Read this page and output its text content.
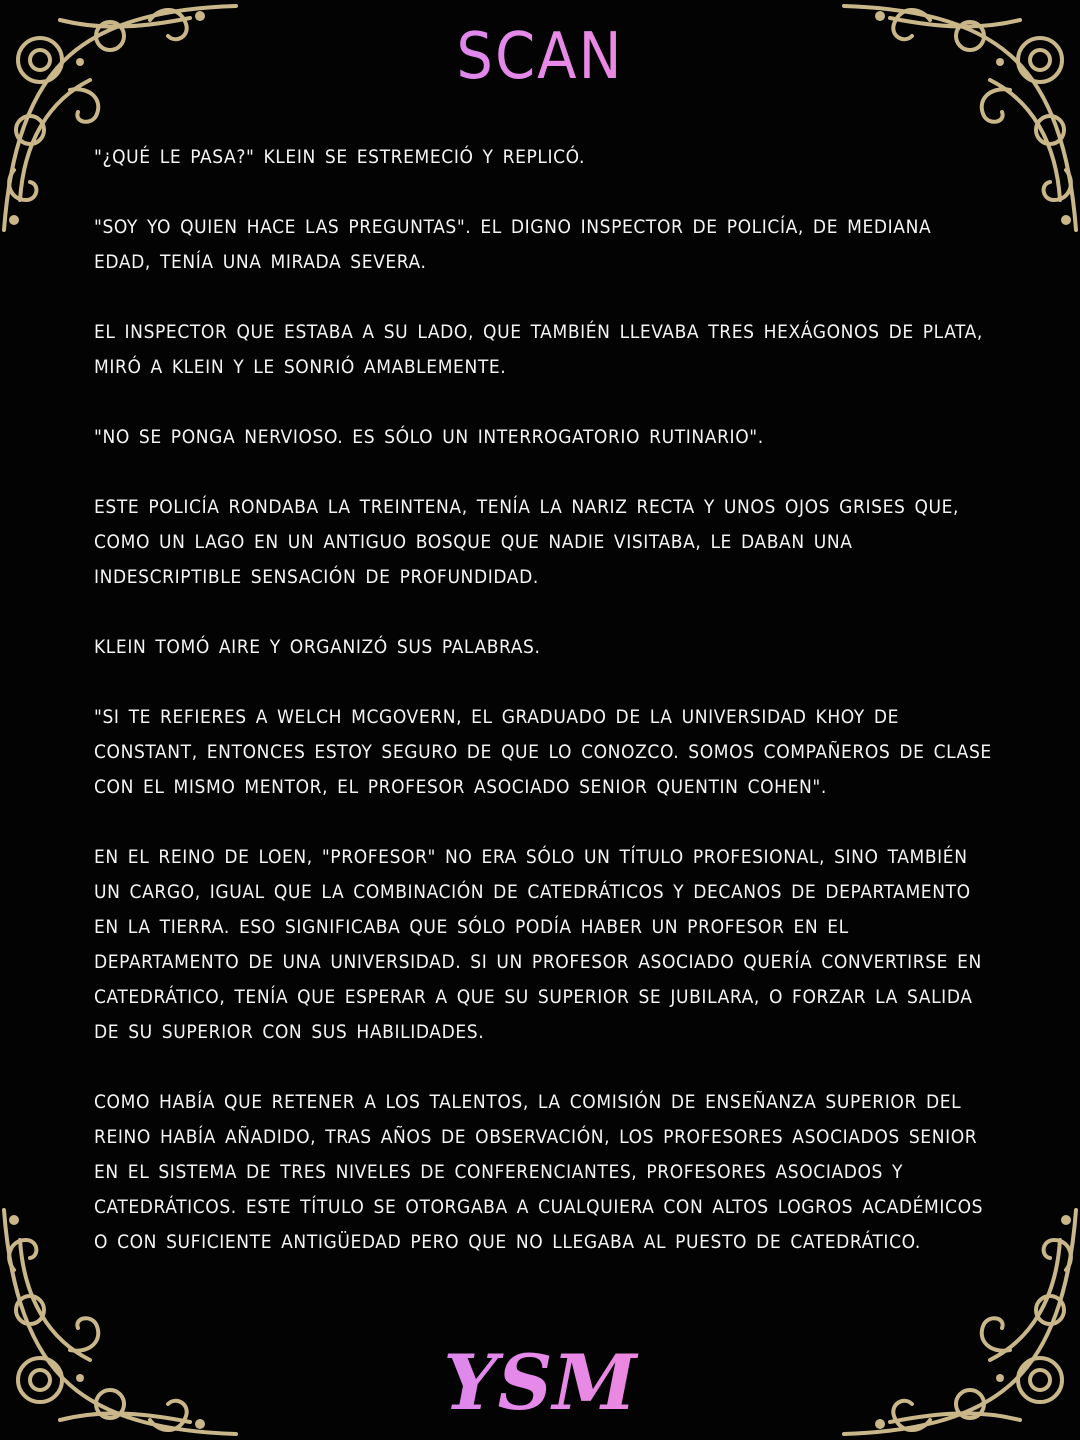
SCAN

"¿QUÉ LE PASA?" KLEIN SE ESTREMECIÓ Y REPLICÓ.

"SOY YO QUIEN HACE LAS PREGUNTAS". EL DIGNO INSPECTOR DE POLICÍA, DE MEDIANA EDAD, TENÍA UNA MIRADA SEVERA.

EL INSPECTOR QUE ESTABA A SU LADO, QUE TAMBIÉN LLEVABA TRES HEXÁGONOS DE PLATA, MIRÓ A KLEIN Y LE SONRIÓ AMABLEMENTE.

"NO SE PONGA NERVIOSO. ES SÓLO UN INTERROGATORIO RUTINARIO".

ESTE POLICÍA RONDABA LA TREINTENA, TENÍA LA NARIZ RECTA Y UNOS OJOS GRISES QUE, COMO UN LAGO EN UN ANTIGUO BOSQUE QUE NADIE VISITABA, LE DABAN UNA INDESCRIPTIBLE SENSACIÓN DE PROFUNDIDAD.

KLEIN TOMÓ AIRE Y ORGANIZÓ SUS PALABRAS.

"SI TE REFIERES A WELCH MCGOVERN, EL GRADUADO DE LA UNIVERSIDAD KHOY DE CONSTANT, ENTONCES ESTOY SEGURO DE QUE LO CONOZCO. SOMOS COMPAÑEROS DE CLASE CON EL MISMO MENTOR, EL PROFESOR ASOCIADO SENIOR QUENTIN COHEN".

EN EL REINO DE LOEN, "PROFESOR" NO ERA SÓLO UN TÍTULO PROFESIONAL, SINO TAMBIÉN UN CARGO, IGUAL QUE LA COMBINACIÓN DE CATEDRÁTICOS Y DECANOS DE DEPARTAMENTO EN LA TIERRA. ESO SIGNIFICABA QUE SÓLO PODÍA HABER UN PROFESOR EN EL DEPARTAMENTO DE UNA UNIVERSIDAD. SI UN PROFESOR ASOCIADO QUERÍA CONVERTIRSE EN CATEDRÁTICO, TENÍA QUE ESPERAR A QUE SU SUPERIOR SE JUBILARA, O FORZAR LA SALIDA DE SU SUPERIOR CON SUS HABILIDADES.

COMO HABÍA QUE RETENER A LOS TALENTOS, LA COMISIÓN DE ENSEÑANZA SUPERIOR DEL REINO HABÍA AÑADIDO, TRAS AÑOS DE OBSERVACIÓN, LOS PROFESORES ASOCIADOS SENIOR EN EL SISTEMA DE TRES NIVELES DE CONFERENCIANTES, PROFESORES ASOCIADOS Y CATEDRÁTICOS. ESTE TÍTULO SE OTORGABA A CUALQUIERA CON ALTOS LOGROS ACADÉMICOS O CON SUFICIENTE ANTIGÜEDAD PERO QUE NO LLEGABA AL PUESTO DE CATEDRÁTICO.

YSM
